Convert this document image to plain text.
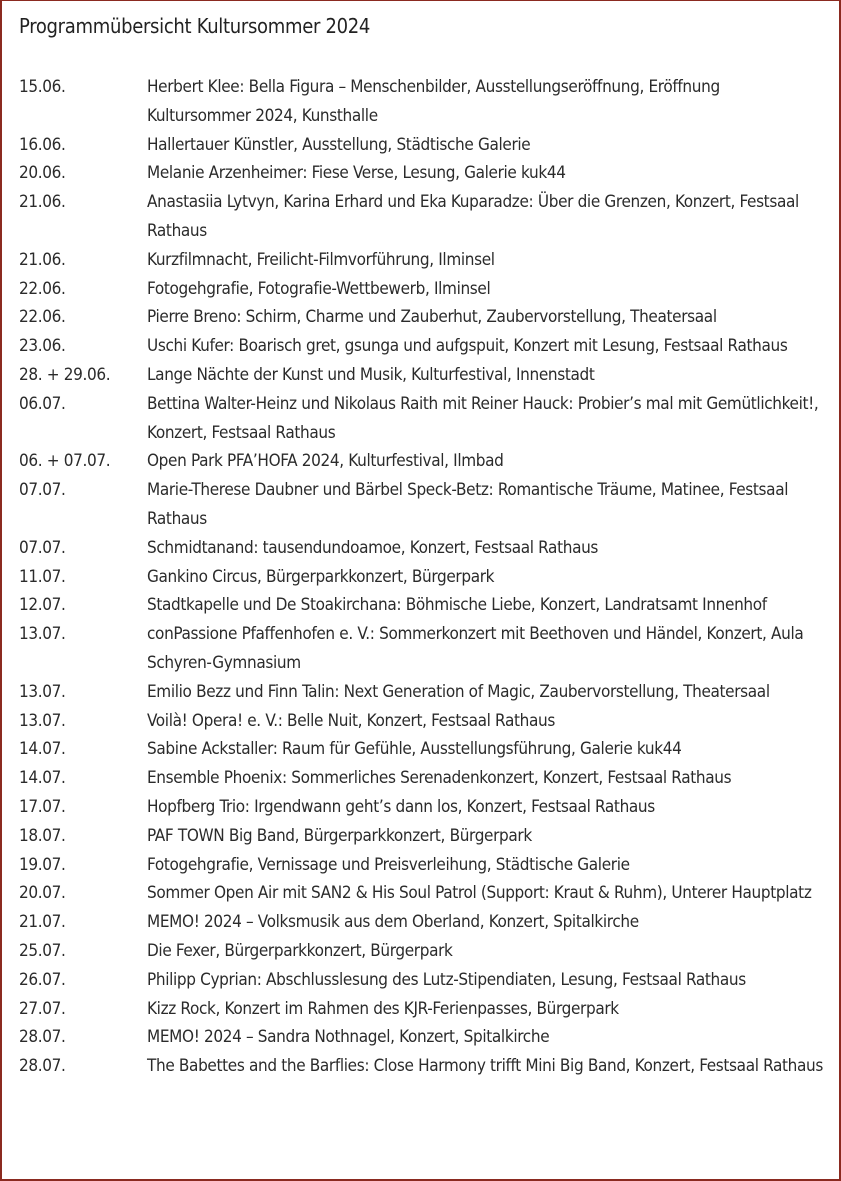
Programmübersicht Kultursommer 2024
15.06.	Herbert Klee: Bella Figura – Menschenbilder, Ausstellungseröffnung, Eröffnung Kultursommer 2024, Kunsthalle
16.06.	Hallertauer Künstler, Ausstellung, Städtische Galerie
20.06.	Melanie Arzenheimer: Fiese Verse, Lesung, Galerie kuk44
21.06.	Anastasiia Lytvyn, Karina Erhard und Eka Kuparadze: Über die Grenzen, Konzert, Festsaal Rathaus
21.06.	Kurzfilmnacht, Freilicht-Filmvorführung, Ilminsel
22.06.	Fotogehgrafie, Fotografie-Wettbewerb, Ilminsel
22.06.	Pierre Breno: Schirm, Charme und Zauberhut, Zaubervorstellung, Theatersaal
23.06.	Uschi Kufer: Boarisch gret, gsunga und aufgspuit, Konzert mit Lesung, Festsaal Rathaus
28. + 29.06.	Lange Nächte der Kunst und Musik, Kulturfestival, Innenstadt
06.07.	Bettina Walter-Heinz und Nikolaus Raith mit Reiner Hauck: Probier’s mal mit Gemütlichkeit!, Konzert, Festsaal Rathaus
06. + 07.07.	Open Park PFA’HOFA 2024, Kulturfestival, Ilmbad
07.07.	Marie-Therese Daubner und Bärbel Speck-Betz: Romantische Träume, Matinee, Festsaal Rathaus
07.07.	Schmidtanand: tausendundoamoe, Konzert, Festsaal Rathaus
11.07.	Gankino Circus, Bürgerparkkonzert, Bürgerpark
12.07.	Stadtkapelle und De Stoakirchana: Böhmische Liebe, Konzert, Landratsamt Innenhof
13.07.	conPassione Pfaffenhofen e. V.: Sommerkonzert mit Beethoven und Händel, Konzert, Aula Schyren-Gymnasium
13.07.	Emilio Bezz und Finn Talin: Next Generation of Magic, Zaubervorstellung, Theatersaal
13.07.	Voilà! Opera! e. V.: Belle Nuit, Konzert, Festsaal Rathaus
14.07.	Sabine Ackstaller: Raum für Gefühle, Ausstellungsführung, Galerie kuk44
14.07.	Ensemble Phoenix: Sommerliches Serenadenkonzert, Konzert, Festsaal Rathaus
17.07.	Hopfberg Trio: Irgendwann geht’s dann los, Konzert, Festsaal Rathaus
18.07.	PAF TOWN Big Band, Bürgerparkkonzert, Bürgerpark
19.07.	Fotogehgrafie, Vernissage und Preisverleihung, Städtische Galerie
20.07.	Sommer Open Air mit SAN2 & His Soul Patrol (Support: Kraut & Ruhm), Unterer Hauptplatz
21.07.	MEMO! 2024 – Volksmusik aus dem Oberland, Konzert, Spitalkirche
25.07.	Die Fexer, Bürgerparkkonzert, Bürgerpark
26.07.	Philipp Cyprian: Abschlusslesung des Lutz-Stipendiaten, Lesung, Festsaal Rathaus
27.07.	Kizz Rock, Konzert im Rahmen des KJR-Ferienpasses, Bürgerpark
28.07.	MEMO! 2024 – Sandra Nothnagel, Konzert, Spitalkirche
28.07.	The Babettes and the Barflies: Close Harmony trifft Mini Big Band, Konzert, Festsaal Rathaus
